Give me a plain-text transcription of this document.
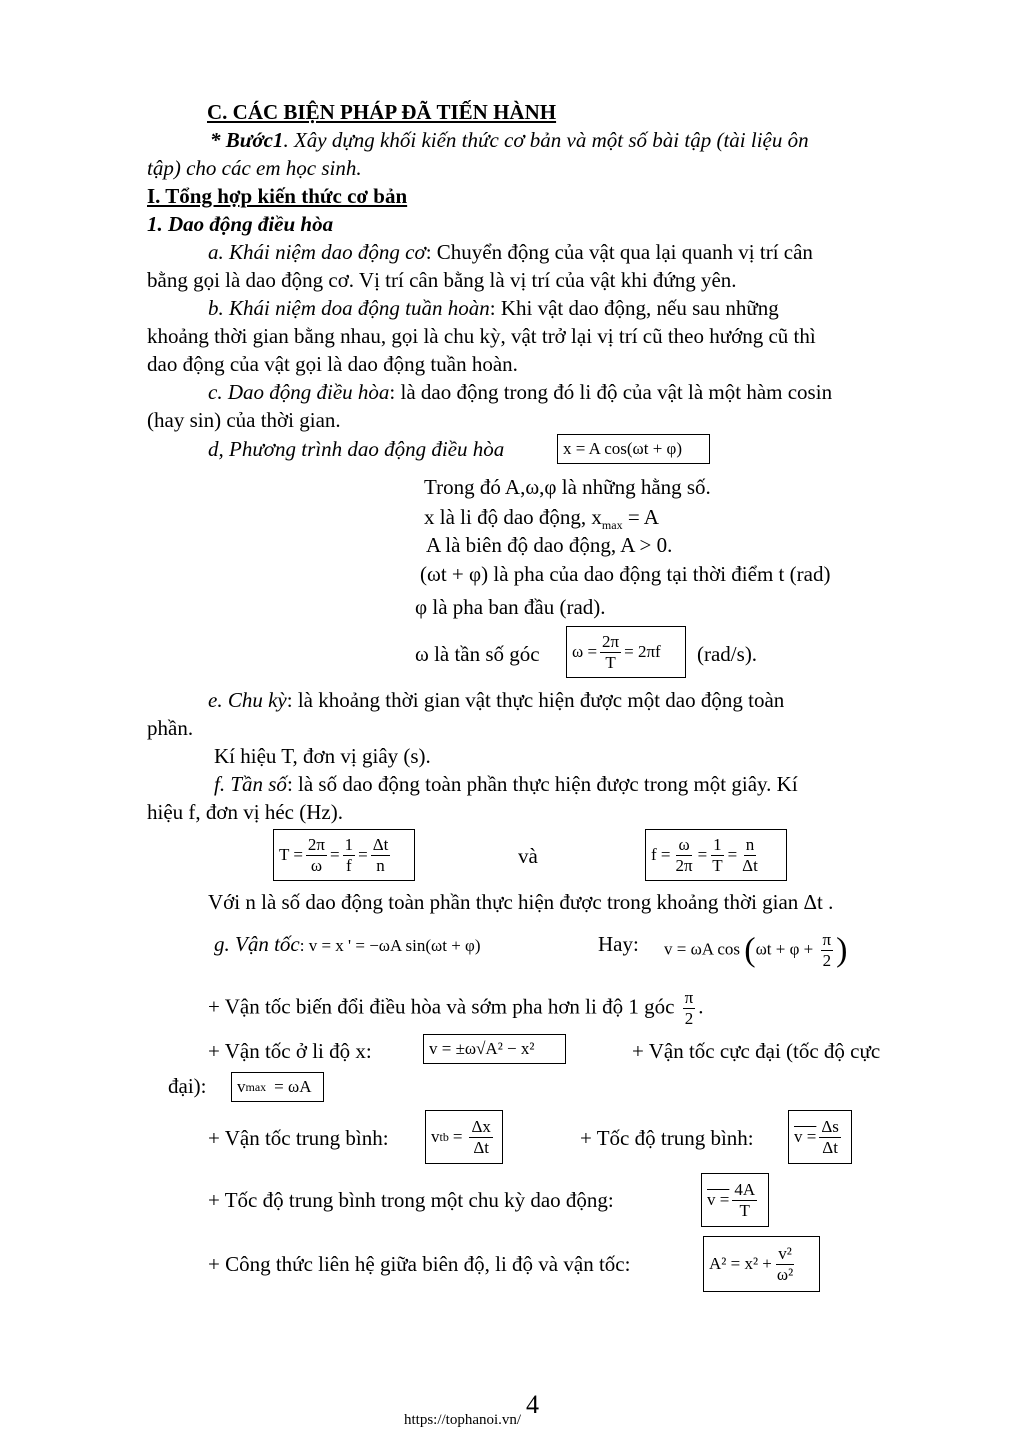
C. CÁC BIỆN PHÁP ĐÃ TIẾN HÀNH
* Bước1. Xây dựng khối kiến thức cơ bản và một số bài tập (tài liệu ôn
tập) cho các em học sinh.
I. Tổng hợp kiến thức cơ bản
1. Dao động điều hòa
a. Khái niệm dao động cơ: Chuyển động của vật qua lại quanh vị trí cân
bằng gọi là dao động cơ. Vị trí cân bằng là vị trí của vật khi đứng yên.
b. Khái niệm doa động tuần hoàn: Khi vật dao động, nếu sau những
khoảng thời gian bằng nhau, gọi là chu kỳ, vật trở lại vị trí cũ theo hướng cũ thì
dao động của vật gọi là dao động tuần hoàn.
c. Dao động điều hòa: là dao động trong đó li độ của vật là một hàm cosin
(hay sin) của thời gian.
d, Phương trình dao động điều hòa	x = A cos(ωt + φ)
Trong đó A,ω,φ là những hằng số.
x là li độ dao động, $x_{max} = A$
A là biên độ dao động, A > 0.
(ωt + φ) là pha của dao động tại thời điểm t (rad)
φ là pha ban đầu (rad).
ω là tần số góc $\omega = \frac{2\pi}{T} = 2\pi f$ (rad/s).
e. Chu kỳ: là khoảng thời gian vật thực hiện được một dao động toàn
phần.
Kí hiệu T, đơn vị giây (s).
f. Tần số: là số dao động toàn phần thực hiện được trong một giây. Kí
hiệu f, đơn vị héc (Hz).
$T = \frac{2\pi}{\omega} = \frac{1}{f} = \frac{\Delta t}{n}$	và	$f = \frac{\omega}{2\pi} = \frac{1}{T} = \frac{n}{\Delta t}$
Với n là số dao động toàn phần thực hiện được trong khoảng thời gian Δt .
g. Vận tốc: v = x ' = −ωA sin(ωt + φ)	Hay: v = ωA $\cos (\omega t + \varphi + \frac{\pi}{2}$ )
+ Vận tốc biến đổi điều hòa và sớm pha hơn li độ 1 góc $\frac{\pi}{2}$ .
+ Vận tốc ở li độ x:	v = ±ω√A² − x²	+ Vận tốc cực đại (tốc độ cực
đại): v max = ωA
+ Vận tốc trung bình: v tb = $\frac{\Delta x}{\Delta t}$	+ Tốc độ trung bình: $v = \frac{\Delta s}{\Delta t}$
+ Tốc độ trung bình trong một chu kỳ dao động:	$v = \frac{4A}{T}$
+ Công thức liên hệ giữa biên độ, li độ và vận tốc:	$A^2 = x^2 + \frac{\text{v²}}{\text{ω²}}$
4
https://tophanoi.vn/
